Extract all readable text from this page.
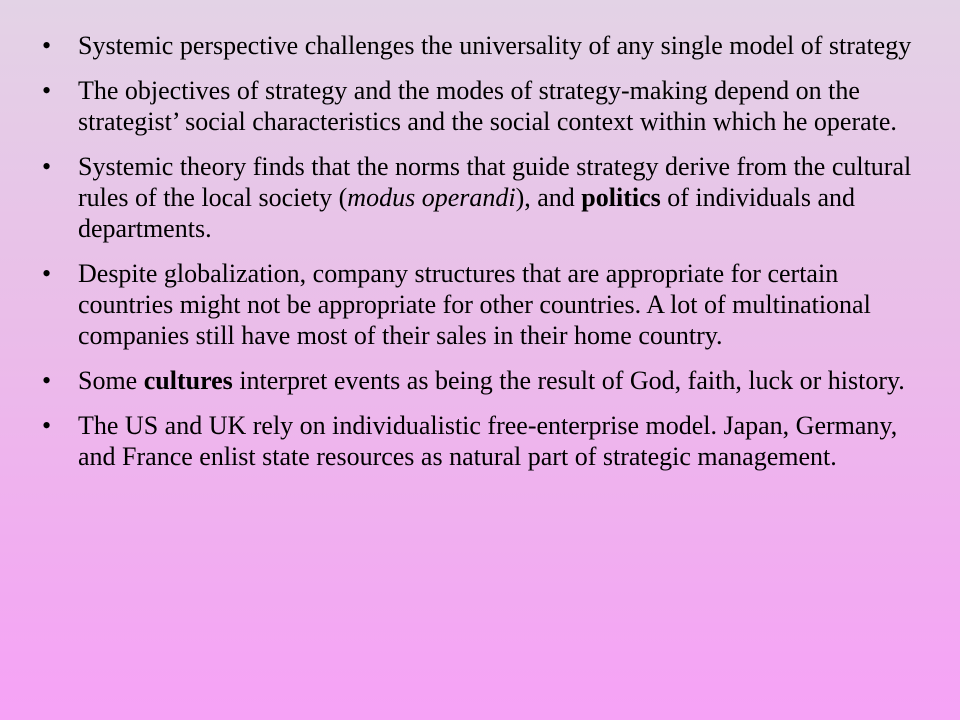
•	Systemic perspective challenges the universality of any single model of strategy
•	The objectives of strategy and the modes of strategy-making depend on the strategist’ social characteristics and the social context within which he operate.
•	Systemic theory finds that the norms that guide strategy derive from the cultural rules of the local society (modus operandi), and politics of individuals and departments.
•	Despite globalization, company structures that are appropriate for certain countries might not be appropriate for other countries. A lot of multinational companies still have most of their sales in their home country.
•	Some cultures interpret events as being the result of God, faith, luck or history.
•	The US and UK rely on individualistic free-enterprise model. Japan, Germany, and France enlist state resources as natural part of strategic management.
